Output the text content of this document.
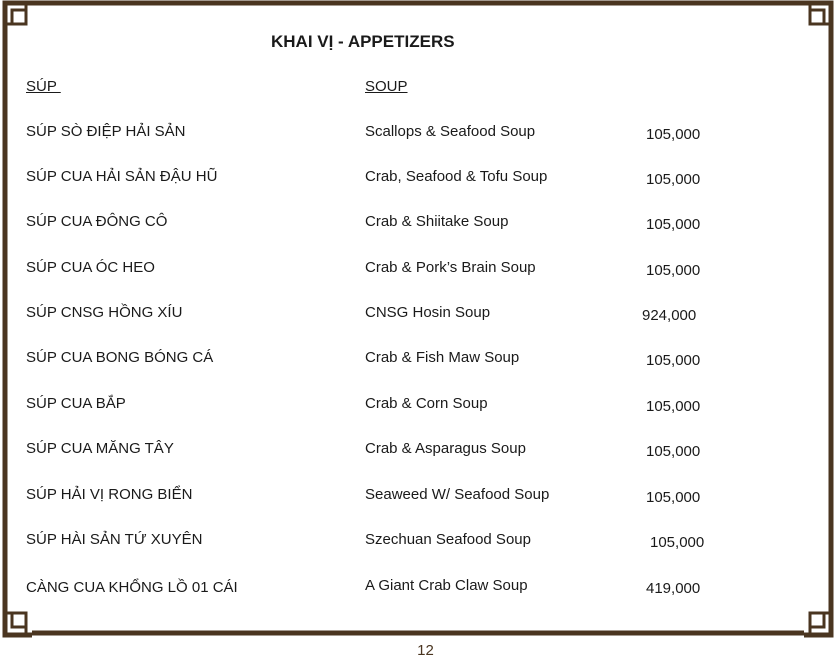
KHAI VỊ - APPETIZERS
SÚP	SOUP
SÚP SÒ ĐIỆP HẢI SẢN	Scallops & Seafood Soup	105,000
SÚP CUA HẢI SẢN ĐẬU HŨ	Crab, Seafood & Tofu Soup	105,000
SÚP CUA ĐÔNG CÔ	Crab & Shiitake Soup	105,000
SÚP CUA ÓC HEO	Crab & Pork’s Brain Soup	105,000
SÚP CNSG HỒNG XÍU	CNSG Hosin Soup	924,000
SÚP CUA BONG BÓNG CÁ	Crab & Fish Maw Soup	105,000
SÚP CUA BẮP	Crab & Corn Soup	105,000
SÚP CUA MĂNG TÂY	Crab & Asparagus Soup	105,000
SÚP HẢI VỊ RONG BIỂN	Seaweed W/ Seafood Soup	105,000
SÚP HÀI SẢN TỨ XUYÊN	Szechuan Seafood Soup	105,000
CÀNG CUA KHỔNG LỒ 01 CÁI	A Giant Crab Claw Soup	419,000
12
